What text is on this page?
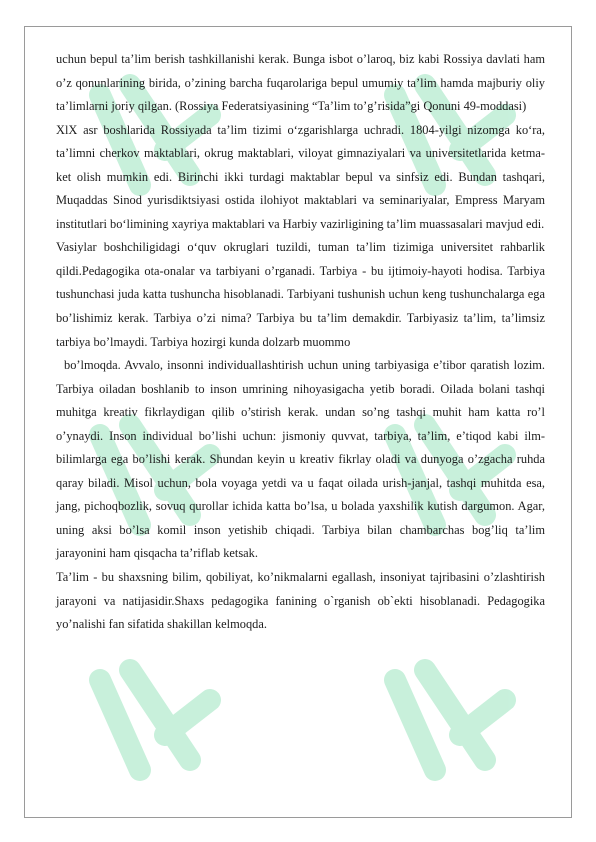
uchun bepul ta’lim berish tashkillanishi kerak. Bunga isbot o’laroq, biz kabi Rossiya davlati ham o’z qonunlarining birida, o’zining barcha fuqarolariga bepul umumiy ta’lim hamda majburiy oliy ta’limlarni joriy qilgan. (Rossiya Federatsiyasining “Ta’lim to’g’risida”gi Qonuni 49-moddasi)

XlX asr boshlarida Rossiyada ta’lim tizimi o‘zgarishlarga uchradi. 1804-yilgi nizomga ko‘ra, ta’limni cherkov maktablari, okrug maktablari, viloyat gimnaziyalari va universitetlarida ketma-ket olish mumkin edi. Birinchi ikki turdagi maktablar bepul va sinfsiz edi. Bundan tashqari, Muqaddas Sinod yurisdiktsiyasi ostida ilohiyot maktablari va seminariyalar, Empress Maryam institutlari bo‘limining xayriya maktablari va Harbiy vazirligining ta’lim muassasalari mavjud edi.

Vasiylar boshchiligidagi o‘quv okruglari tuzildi, tuman ta’lim tizimiga universitet rahbarlik qildi.Pedagogika ota-onalar va tarbiyani o’rganadi. Tarbiya - bu ijtimoiy-hayoti hodisa. Tarbiya tushunchasi juda katta tushuncha hisoblanadi. Tarbiyani tushunish uchun keng tushunchalarga ega bo’lishimiz kerak. Tarbiya o’zi nima? Tarbiya bu ta’lim demakdir. Tarbiyasiz ta’lim, ta’limsiz tarbiya bo’lmaydi. Tarbiya hozirgi kunda dolzarb muommo

bo’lmoqda. Avvalo, insonni individuallashtirish uchun uning tarbiyasiga e’tibor qaratish lozim. Tarbiya oiladan boshlanib to inson umrining nihoyasigacha yetib boradi. Oilada bolani tashqi muhitga kreativ fikrlaydigan qilib o’stirish kerak. undan so’ng tashqi muhit ham katta ro’l o’ynaydi. Inson individual bo’lishi uchun: jismoniy quvvat, tarbiya, ta’lim, e’tiqod kabi ilm-bilimlarga ega bo’lishi kerak. Shundan keyin u kreativ fikrlay oladi va dunyoga o’zgacha ruhda qaray biladi. Misol uchun, bola voyaga yetdi va u faqat oilada urish-janjal, tashqi muhitda esa, jang, pichoqbozlik, sovuq qurollar ichida katta bo’lsa, u bolada yaxshilik kutish dargumon. Agar, uning aksi bo’lsa komil inson yetishib chiqadi. Tarbiya bilan chambarchas bog’liq ta’lim jarayonini ham qisqacha ta’riflab ketsak.

Ta’lim - bu shaxsning bilim, qobiliyat, ko’nikmalarni egallash, insoniyat tajribasini o’zlashtirish jarayoni va natijasidir.Shaxs pedagogika fanining o`rganish ob`ekti hisoblanadi. Pedagogika yo’nalishi fan sifatida shakillan kelmoqda.
